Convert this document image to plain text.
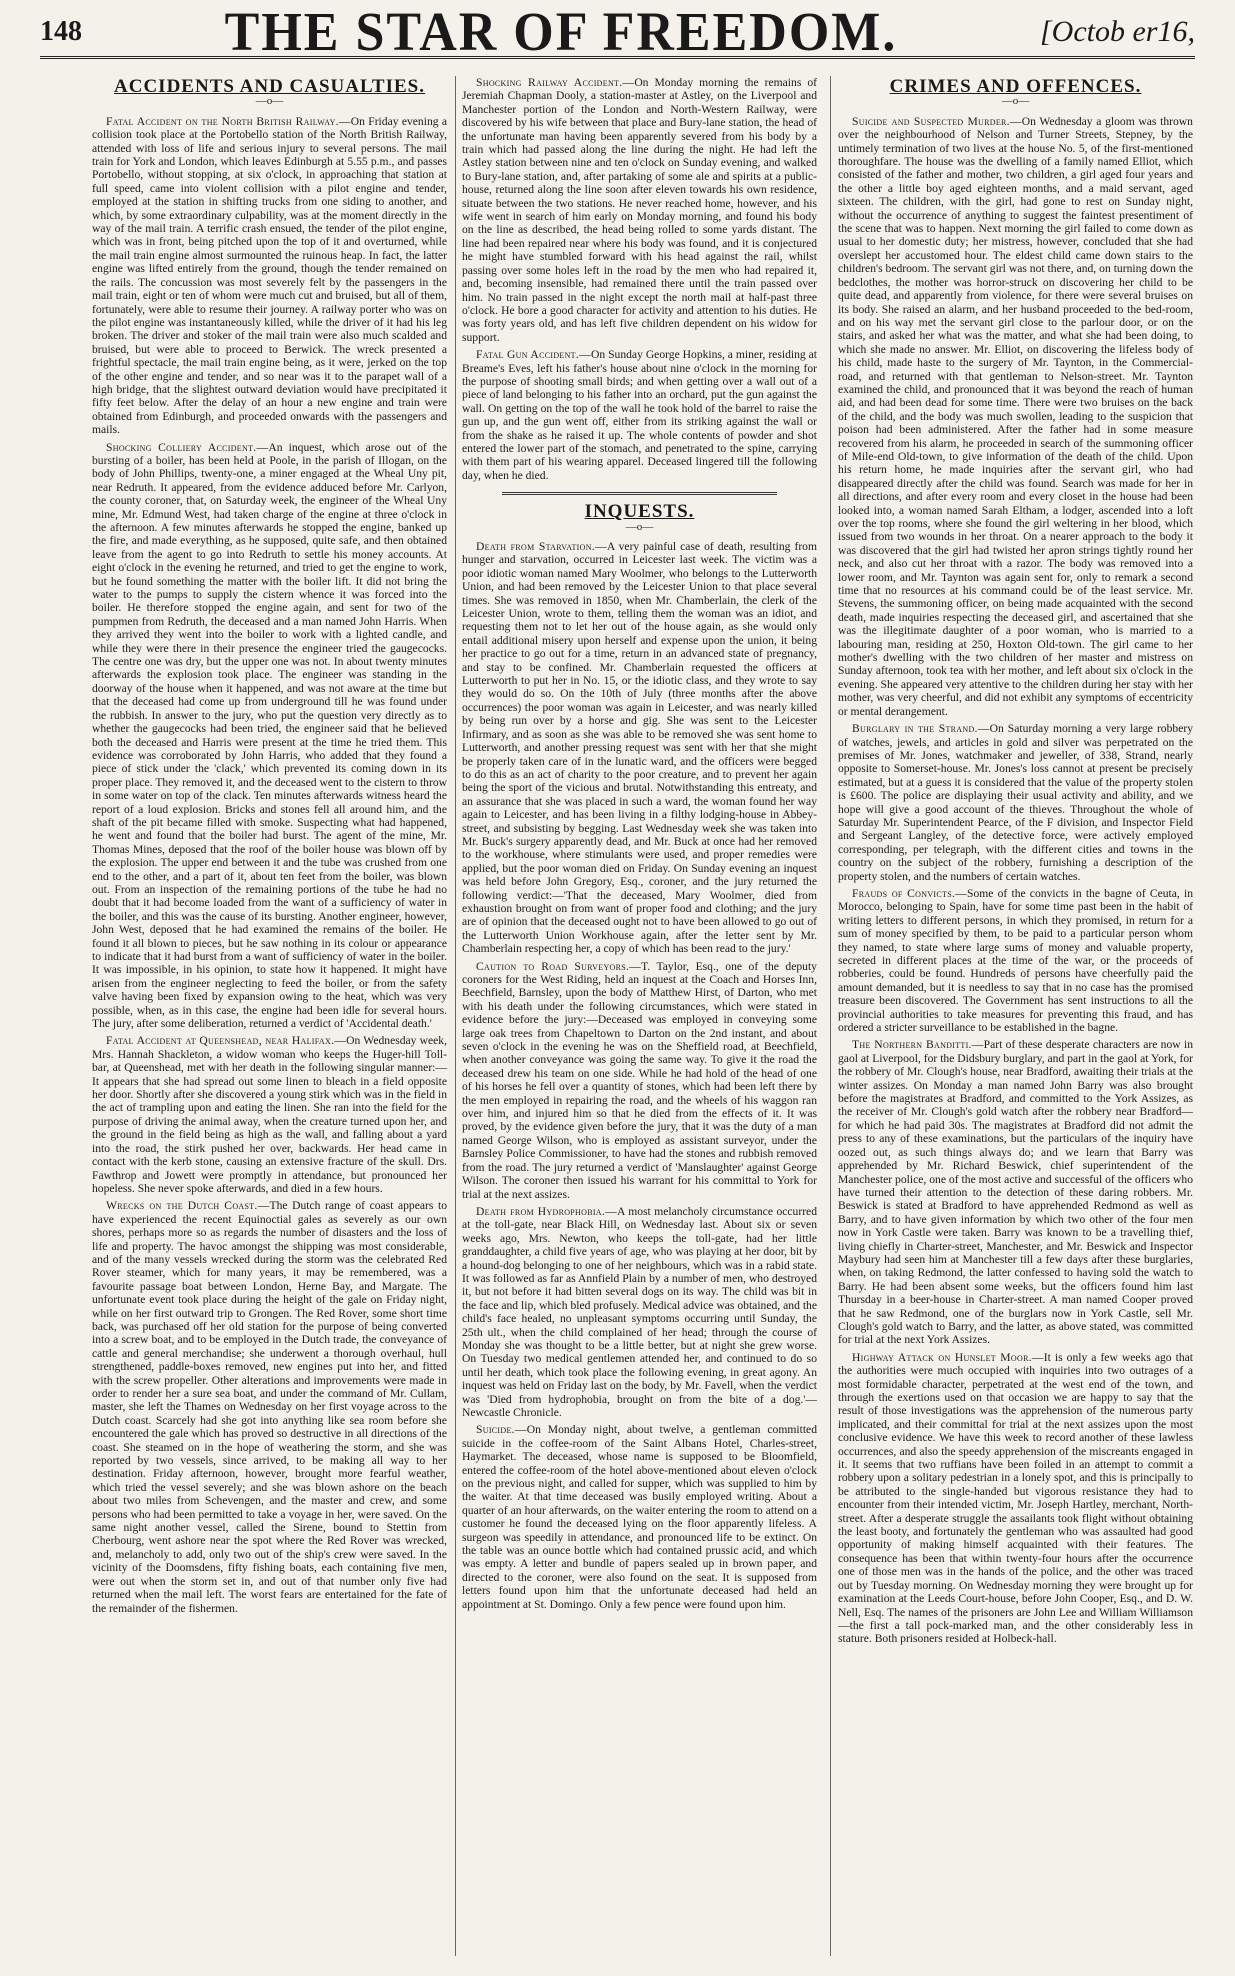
148	THE STAR OF FREEDOM.	[Octob er16,
ACCIDENTS AND CASUALTIES.
—o—

Fatal Accident on the North British Railway.—On Friday evening a collision took place at the Portobello station of the North British Railway, attended with loss of life and serious injury to several persons. The mail train for York and London, which leaves Edinburgh at 5.55 p.m., and passes Portobello, without stopping, at six o'clock, in approaching that station at full speed, came into violent collision with a pilot engine and tender, employed at the station in shifting trucks from one siding to another, and which, by some extraordinary culpability, was at the moment directly in the way of the mail train. A terrific crash ensued, the tender of the pilot engine, which was in front, being pitched upon the top of it and overturned, while the mail train engine almost surmounted the ruinous heap. In fact, the latter engine was lifted entirely from the ground, though the tender remained on the rails. The concussion was most severely felt by the passengers in the mail train, eight or ten of whom were much cut and bruised, but all of them, fortunately, were able to resume their journey. A railway porter who was on the pilot engine was instantaneously killed, while the driver of it had his leg broken. The driver and stoker of the mail train were also much scalded and bruised, but were able to proceed to Berwick. The wreck presented a frightful spectacle, the mail train engine being, as it were, jerked on the top of the other engine and tender, and so near was it to the parapet wall of a high bridge, that the slightest outward deviation would have precipitated it fifty feet below. After the delay of an hour a new engine and train were obtained from Edinburgh, and proceeded onwards with the passengers and mails.

Shocking Colliery Accident.—An inquest, which arose out of the bursting of a boiler, has been held at Poole, in the parish of Illogan, on the body of John Phillips, twenty-one, a miner engaged at the Wheal Uny pit, near Redruth. It appeared, from the evidence adduced before Mr. Carlyon, the county coroner, that, on Saturday week, the engineer of the Wheal Uny mine, Mr. Edmund West, had taken charge of the engine at three o'clock in the afternoon. A few minutes afterwards he stopped the engine, banked up the fire, and made everything, as he supposed, quite safe, and then obtained leave from the agent to go into Redruth to settle his money accounts. At eight o'clock in the evening he returned, and tried to get the engine to work, but he found something the matter with the boiler lift. It did not bring the water to the pumps to supply the cistern whence it was forced into the boiler. He therefore stopped the engine again, and sent for two of the pumpmen from Redruth, the deceased and a man named John Harris. When they arrived they went into the boiler to work with a lighted candle, and while they were there in their presence the engineer tried the gaugecocks. The centre one was dry, but the upper one was not. In about twenty minutes afterwards the explosion took place. The engineer was standing in the doorway of the house when it happened, and was not aware at the time but that the deceased had come up from underground till he was found under the rubbish. In answer to the jury, who put the question very directly as to whether the gaugecocks had been tried, the engineer said that he believed both the deceased and Harris were present at the time he tried them. This evidence was corroborated by John Harris, who added that they found a piece of stick under the 'clack,' which prevented its coming down in its proper place. They removed it, and the deceased went to the cistern to throw in some water on top of the clack. Ten minutes afterwards witness heard the report of a loud explosion. Bricks and stones fell all around him, and the shaft of the pit became filled with smoke. Suspecting what had happened, he went and found that the boiler had burst. The agent of the mine, Mr. Thomas Mines, deposed that the roof of the boiler house was blown off by the explosion. The upper end between it and the tube was crushed from one end to the other, and a part of it, about ten feet from the boiler, was blown out. From an inspection of the remaining portions of the tube he had no doubt that it had become loaded from the want of a sufficiency of water in the boiler, and this was the cause of its bursting. Another engineer, however, John West, deposed that he had examined the remains of the boiler. He found it all blown to pieces, but he saw nothing in its colour or appearance to indicate that it had burst from a want of sufficiency of water in the boiler. It was impossible, in his opinion, to state how it happened. It might have arisen from the engineer neglecting to feed the boiler, or from the safety valve having been fixed by expansion owing to the heat, which was very possible, when, as in this case, the engine had been idle for several hours. The jury, after some deliberation, returned a verdict of 'Accidental death.'

Fatal Accident at Queenshead, near Halifax.—On Wednesday week, Mrs. Hannah Shackleton, a widow woman who keeps the Huger-hill Toll-bar, at Queenshead, met with her death in the following singular manner:—It appears that she had spread out some linen to bleach in a field opposite her door. Shortly after she discovered a young stirk which was in the field in the act of trampling upon and eating the linen. She ran into the field for the purpose of driving the animal away, when the creature turned upon her, and the ground in the field being as high as the wall, and falling about a yard into the road, the stirk pushed her over, backwards. Her head came in contact with the kerb stone, causing an extensive fracture of the skull. Drs. Fawthrop and Jowett were promptly in attendance, but pronounced her hopeless. She never spoke afterwards, and died in a few hours.

Wrecks on the Dutch Coast.—The Dutch range of coast appears to have experienced the recent Equinoctial gales as severely as our own shores, perhaps more so as regards the number of disasters and the loss of life and property. The havoc amongst the shipping was most considerable, and of the many vessels wrecked during the storm was the celebrated Red Rover steamer, which for many years, it may be remembered, was a favourite passage boat between London, Herne Bay, and Margate. The unfortunate event took place during the height of the gale on Friday night, while on her first outward trip to Grongen. The Red Rover, some short time back, was purchased off her old station for the purpose of being converted into a screw boat, and to be employed in the Dutch trade, the conveyance of cattle and general merchandise; she underwent a thorough overhaul, hull strengthened, paddle-boxes removed, new engines put into her, and fitted with the screw propeller. Other alterations and improvements were made in order to render her a sure sea boat, and under the command of Mr. Cullam, master, she left the Thames on Wednesday on her first voyage across to the Dutch coast. Scarcely had she got into anything like sea room before she encountered the gale which has proved so destructive in all directions of the coast. She steamed on in the hope of weathering the storm, and she was reported by two vessels, since arrived, to be making all way to her destination. Friday afternoon, however, brought more fearful weather, which tried the vessel severely; and she was blown ashore on the beach about two miles from Schevengen, and the master and crew, and some persons who had been permitted to take a voyage in her, were saved. On the same night another vessel, called the Sirene, bound to Stettin from Cherbourg, went ashore near the spot where the Red Rover was wrecked, and, melancholy to add, only two out of the ship's crew were saved. In the vicinity of the Doomsdens, fifty fishing boats, each containing five men, were out when the storm set in, and out of that number only five had returned when the mail left. The worst fears are entertained for the fate of the remainder of the fishermen.

Shocking Railway Accident.—On Monday morning the remains of Jeremiah Chapman Dooly, a station-master at Astley, on the Liverpool and Manchester portion of the London and North-Western Railway, were discovered by his wife between that place and Bury-lane station, the head of the unfortunate man having been apparently severed from his body by a train which had passed along the line during the night. He had left the Astley station between nine and ten o'clock on Sunday evening, and walked to Bury-lane station, and, after partaking of some ale and spirits at a public-house, returned along the line soon after eleven towards his own residence, situate between the two stations. He never reached home, however, and his wife went in search of him early on Monday morning, and found his body on the line as described, the head being rolled to some yards distant. The line had been repaired near where his body was found, and it is conjectured he might have stumbled forward with his head against the rail, whilst passing over some holes left in the road by the men who had repaired it, and, becoming insensible, had remained there until the train passed over him. No train passed in the night except the north mail at half-past three o'clock. He bore a good character for activity and attention to his duties. He was forty years old, and has left five children dependent on his widow for support.

Fatal Gun Accident.—On Sunday George Hopkins, a miner, residing at Breame's Eves, left his father's house about nine o'clock in the morning for the purpose of shooting small birds; and when getting over a wall out of a piece of land belonging to his father into an orchard, put the gun against the wall. On getting on the top of the wall he took hold of the barrel to raise the gun up, and the gun went off, either from its striking against the wall or from the shake as he raised it up. The whole contents of powder and shot entered the lower part of the stomach, and penetrated to the spine, carrying with them part of his wearing apparel. Deceased lingered till the following day, when he died.

INQUESTS.
—o—

Death from Starvation.—A very painful case of death, resulting from hunger and starvation, occurred in Leicester last week. The victim was a poor idiotic woman named Mary Woolmer, who belongs to the Lutterworth Union, and had been removed by the Leicester Union to that place several times. She was removed in 1850, when Mr. Chamberlain, the clerk of the Leicester Union, wrote to them, telling them the woman was an idiot, and requesting them not to let her out of the house again, as she would only entail additional misery upon herself and expense upon the union, it being her practice to go out for a time, return in an advanced state of pregnancy, and stay to be confined. Mr. Chamberlain requested the officers at Lutterworth to put her in No. 15, or the idiotic class, and they wrote to say they would do so. On the 10th of July (three months after the above occurrences) the poor woman was again in Leicester, and was nearly killed by being run over by a horse and gig. She was sent to the Leicester Infirmary, and as soon as she was able to be removed she was sent home to Lutterworth, and another pressing request was sent with her that she might be properly taken care of in the lunatic ward, and the officers were begged to do this as an act of charity to the poor creature, and to prevent her again being the sport of the vicious and brutal. Notwithstanding this entreaty, and an assurance that she was placed in such a ward, the woman found her way again to Leicester, and has been living in a filthy lodging-house in Abbey-street, and subsisting by begging. Last Wednesday week she was taken into Mr. Buck's surgery apparently dead, and Mr. Buck at once had her removed to the workhouse, where stimulants were used, and proper remedies were applied, but the poor woman died on Friday. On Sunday evening an inquest was held before John Gregory, Esq., coroner, and the jury returned the following verdict:—'That the deceased, Mary Woolmer, died from exhaustion brought on from want of proper food and clothing; and the jury are of opinion that the deceased ought not to have been allowed to go out of the Lutterworth Union Workhouse again, after the letter sent by Mr. Chamberlain respecting her, a copy of which has been read to the jury.'

Caution to Road Surveyors.—T. Taylor, Esq., one of the deputy coroners for the West Riding, held an inquest at the Coach and Horses Inn, Beechfield, Barnsley, upon the body of Matthew Hirst, of Darton, who met with his death under the following circumstances, which were stated in evidence before the jury:—Deceased was employed in conveying some large oak trees from Chapeltown to Darton on the 2nd instant, and about seven o'clock in the evening he was on the Sheffield road, at Beechfield, when another conveyance was going the same way. To give it the road the deceased drew his team on one side. While he had hold of the head of one of his horses he fell over a quantity of stones, which had been left there by the men employed in repairing the road, and the wheels of his waggon ran over him, and injured him so that he died from the effects of it. It was proved, by the evidence given before the jury, that it was the duty of a man named George Wilson, who is employed as assistant surveyor, under the Barnsley Police Commissioner, to have had the stones and rubbish removed from the road. The jury returned a verdict of 'Manslaughter' against George Wilson. The coroner then issued his warrant for his committal to York for trial at the next assizes.

Death from Hydrophobia.—A most melancholy circumstance occurred at the toll-gate, near Black Hill, on Wednesday last. About six or seven weeks ago, Mrs. Newton, who keeps the toll-gate, had her little granddaughter, a child five years of age, who was playing at her door, bit by a hound-dog belonging to one of her neighbours, which was in a rabid state. It was followed as far as Annfield Plain by a number of men, who destroyed it, but not before it had bitten several dogs on its way. The child was bit in the face and lip, which bled profusely. Medical advice was obtained, and the child's face healed, no unpleasant symptoms occurring until Sunday, the 25th ult., when the child complained of her head; through the course of Monday she was thought to be a little better, but at night she grew worse. On Tuesday two medical gentlemen attended her, and continued to do so until her death, which took place the following evening, in great agony. An inquest was held on Friday last on the body, by Mr. Favell, when the verdict was 'Died from hydrophobia, brought on from the bite of a dog.'—Newcastle Chronicle.

Suicide.—On Monday night, about twelve, a gentleman committed suicide in the coffee-room of the Saint Albans Hotel, Charles-street, Haymarket. The deceased, whose name is supposed to be Bloomfield, entered the coffee-room of the hotel above-mentioned about eleven o'clock on the previous night, and called for supper, which was supplied to him by the waiter. At that time deceased was busily employed writing. About a quarter of an hour afterwards, on the waiter entering the room to attend on a customer he found the deceased lying on the floor apparently lifeless. A surgeon was speedily in attendance, and pronounced life to be extinct. On the table was an ounce bottle which had contained prussic acid, and which was empty. A letter and bundle of papers sealed up in brown paper, and directed to the coroner, were also found on the seat. It is supposed from letters found upon him that the unfortunate deceased had held an appointment at St. Domingo. Only a few pence were found upon him.

CRIMES AND OFFENCES.
—o—

Suicide and Suspected Murder.—On Wednesday a gloom was thrown over the neighbourhood of Nelson and Turner Streets, Stepney, by the untimely termination of two lives at the house No. 5, of the first-mentioned thoroughfare. The house was the dwelling of a family named Elliot, which consisted of the father and mother, two children, a girl aged four years and the other a little boy aged eighteen months, and a maid servant, aged sixteen. The children, with the girl, had gone to rest on Sunday night, without the occurrence of anything to suggest the faintest presentiment of the scene that was to happen. Next morning the girl failed to come down as usual to her domestic duty; her mistress, however, concluded that she had overslept her accustomed hour. The eldest child came down stairs to the children's bedroom. The servant girl was not there, and, on turning down the bedclothes, the mother was horror-struck on discovering her child to be quite dead, and apparently from violence, for there were several bruises on its body. She raised an alarm, and her husband proceeded to the bed-room, and on his way met the servant girl close to the parlour door, or on the stairs, and asked her what was the matter, and what she had been doing, to which she made no answer. Mr. Elliot, on discovering the lifeless body of his child, made haste to the surgery of Mr. Taynton, in the Commercial-road, and returned with that gentleman to Nelson-street. Mr. Taynton examined the child, and pronounced that it was beyond the reach of human aid, and had been dead for some time. There were two bruises on the back of the child, and the body was much swollen, leading to the suspicion that poison had been administered. After the father had in some measure recovered from his alarm, he proceeded in search of the summoning officer of Mile-end Old-town, to give information of the death of the child. Upon his return home, he made inquiries after the servant girl, who had disappeared directly after the child was found. Search was made for her in all directions, and after every room and every closet in the house had been looked into, a woman named Sarah Eltham, a lodger, ascended into a loft over the top rooms, where she found the girl weltering in her blood, which issued from two wounds in her throat. On a nearer approach to the body it was discovered that the girl had twisted her apron strings tightly round her neck, and also cut her throat with a razor. The body was removed into a lower room, and Mr. Taynton was again sent for, only to remark a second time that no resources at his command could be of the least service. Mr. Stevens, the summoning officer, on being made acquainted with the second death, made inquiries respecting the deceased girl, and ascertained that she was the illegitimate daughter of a poor woman, who is married to a labouring man, residing at 250, Hoxton Old-town. The girl came to her mother's dwelling with the two children of her master and mistress on Sunday afternoon, took tea with her mother, and left about six o'clock in the evening. She appeared very attentive to the children during her stay with her mother, was very cheerful, and did not exhibit any symptoms of eccentricity or mental derangement.

Burglary in the Strand.—On Saturday morning a very large robbery of watches, jewels, and articles in gold and silver was perpetrated on the premises of Mr. Jones, watchmaker and jeweller, of 338, Strand, nearly opposite to Somerset-house. Mr. Jones's loss cannot at present be precisely estimated, but at a guess it is considered that the value of the property stolen is £600. The police are displaying their usual activity and ability, and we hope will give a good account of the thieves. Throughout the whole of Saturday Mr. Superintendent Pearce, of the F division, and Inspector Field and Sergeant Langley, of the detective force, were actively employed corresponding, per telegraph, with the different cities and towns in the country on the subject of the robbery, furnishing a description of the property stolen, and the numbers of certain watches.

Frauds of Convicts.—Some of the convicts in the bagne of Ceuta, in Morocco, belonging to Spain, have for some time past been in the habit of writing letters to different persons, in which they promised, in return for a sum of money specified by them, to be paid to a particular person whom they named, to state where large sums of money and valuable property, secreted in different places at the time of the war, or the proceeds of robberies, could be found. Hundreds of persons have cheerfully paid the amount demanded, but it is needless to say that in no case has the promised treasure been discovered. The Government has sent instructions to all the provincial authorities to take measures for preventing this fraud, and has ordered a stricter surveillance to be established in the bagne.

The Northern Banditti.—Part of these desperate characters are now in gaol at Liverpool, for the Didsbury burglary, and part in the gaol at York, for the robbery of Mr. Clough's house, near Bradford, awaiting their trials at the winter assizes. On Monday a man named John Barry was also brought before the magistrates at Bradford, and committed to the York Assizes, as the receiver of Mr. Clough's gold watch after the robbery near Bradford—for which he had paid 30s. The magistrates at Bradford did not admit the press to any of these examinations, but the particulars of the inquiry have oozed out, as such things always do; and we learn that Barry was apprehended by Mr. Richard Beswick, chief superintendent of the Manchester police, one of the most active and successful of the officers who have turned their attention to the detection of these daring robbers. Mr. Beswick is stated at Bradford to have apprehended Redmond as well as Barry, and to have given information by which two other of the four men now in York Castle were taken. Barry was known to be a travelling thief, living chiefly in Charter-street, Manchester, and Mr. Beswick and Inspector Maybury had seen him at Manchester till a few days after these burglaries, when, on taking Redmond, the latter confessed to having sold the watch to Barry. He had been absent some weeks, but the officers found him last Thursday in a beer-house in Charter-street. A man named Cooper proved that he saw Redmond, one of the burglars now in York Castle, sell Mr. Clough's gold watch to Barry, and the latter, as above stated, was committed for trial at the next York Assizes.

Highway Attack on Hunslet Moor.—It is only a few weeks ago that the authorities were much occupied with inquiries into two outrages of a most formidable character, perpetrated at the west end of the town, and through the exertions used on that occasion we are happy to say that the result of those investigations was the apprehension of the numerous party implicated, and their committal for trial at the next assizes upon the most conclusive evidence. We have this week to record another of these lawless occurrences, and also the speedy apprehension of the miscreants engaged in it. It seems that two ruffians have been foiled in an attempt to commit a robbery upon a solitary pedestrian in a lonely spot, and this is principally to be attributed to the single-handed but vigorous resistance they had to encounter from their intended victim, Mr. Joseph Hartley, merchant, North-street. After a desperate struggle the assailants took flight without obtaining the least booty, and fortunately the gentleman who was assaulted had good opportunity of making himself acquainted with their features. The consequence has been that within twenty-four hours after the occurrence one of those men was in the hands of the police, and the other was traced out by Tuesday morning. On Wednesday morning they were brought up for examination at the Leeds Court-house, before John Cooper, Esq., and D. W. Nell, Esq. The names of the prisoners are John Lee and William Williamson—the first a tall pock-marked man, and the other considerably less in stature. Both prisoners resided at Holbeck-hall.
